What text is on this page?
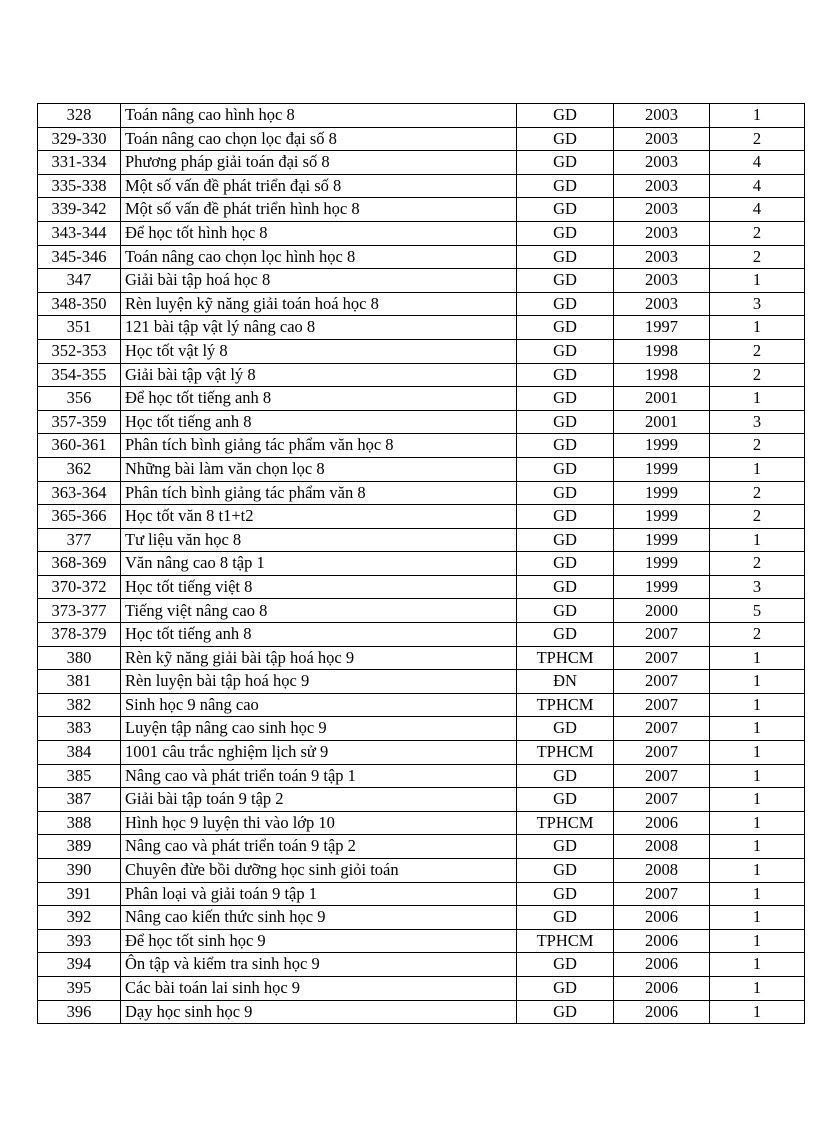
328	Toán nâng cao hình học 8	GD	2003	1
329-330	Toán nâng cao chọn lọc đại số 8	GD	2003	2
331-334	Phương pháp giải toán đại số 8	GD	2003	4
335-338	Một số vấn đề phát triển đại số 8	GD	2003	4
339-342	Một số vấn đề phát triển hình học 8	GD	2003	4
343-344	Để học tốt hình học 8	GD	2003	2
345-346	Toán nâng cao chọn lọc hình học 8	GD	2003	2
347	Giải bài tập hoá học 8	GD	2003	1
348-350	Rèn luyện kỹ năng giải toán hoá học 8	GD	2003	3
351	121 bài tập vật lý nâng cao 8	GD	1997	1
352-353	Học tốt vật lý 8	GD	1998	2
354-355	Giải bài tập vật lý 8	GD	1998	2
356	Để học tốt tiếng anh 8	GD	2001	1
357-359	Học tốt tiếng anh 8	GD	2001	3
360-361	Phân tích bình giảng tác phẩm văn học 8	GD	1999	2
362	Những bài làm văn chọn lọc 8	GD	1999	1
363-364	Phân tích bình giảng tác phẩm văn 8	GD	1999	2
365-366	Học tốt văn 8 t1+t2	GD	1999	2
377	Tư liệu văn học 8	GD	1999	1
368-369	Văn nâng cao 8 tập 1	GD	1999	2
370-372	Học tốt tiếng việt 8	GD	1999	3
373-377	Tiếng việt nâng cao 8	GD	2000	5
378-379	Học tốt tiếng anh 8	GD	2007	2
380	Rèn kỹ năng giải bài tập hoá học 9	TPHCM	2007	1
381	Rèn luyện bài tập hoá học 9	ĐN	2007	1
382	Sinh học 9 nâng cao	TPHCM	2007	1
383	Luyện tập nâng cao sinh học 9	GD	2007	1
384	1001 câu trắc nghiệm lịch sử 9	TPHCM	2007	1
385	Nâng cao và phát triển toán 9 tập 1	GD	2007	1
387	Giải bài tập toán 9 tập 2	GD	2007	1
388	Hình học 9 luyện thi vào lớp 10	TPHCM	2006	1
389	Nâng cao và phát triển toán 9 tập 2	GD	2008	1
390	Chuyên đừe bồi dưỡng học sinh giỏi toán	GD	2008	1
391	Phân loại và giải toán 9 tập 1	GD	2007	1
392	Nâng cao kiến thức sinh học 9	GD	2006	1
393	Để học tốt sinh học 9	TPHCM	2006	1
394	Ôn tập và kiểm tra sinh học 9	GD	2006	1
395	Các bài toán lai sinh học 9	GD	2006	1
396	Dạy học sinh học 9	GD	2006	1
